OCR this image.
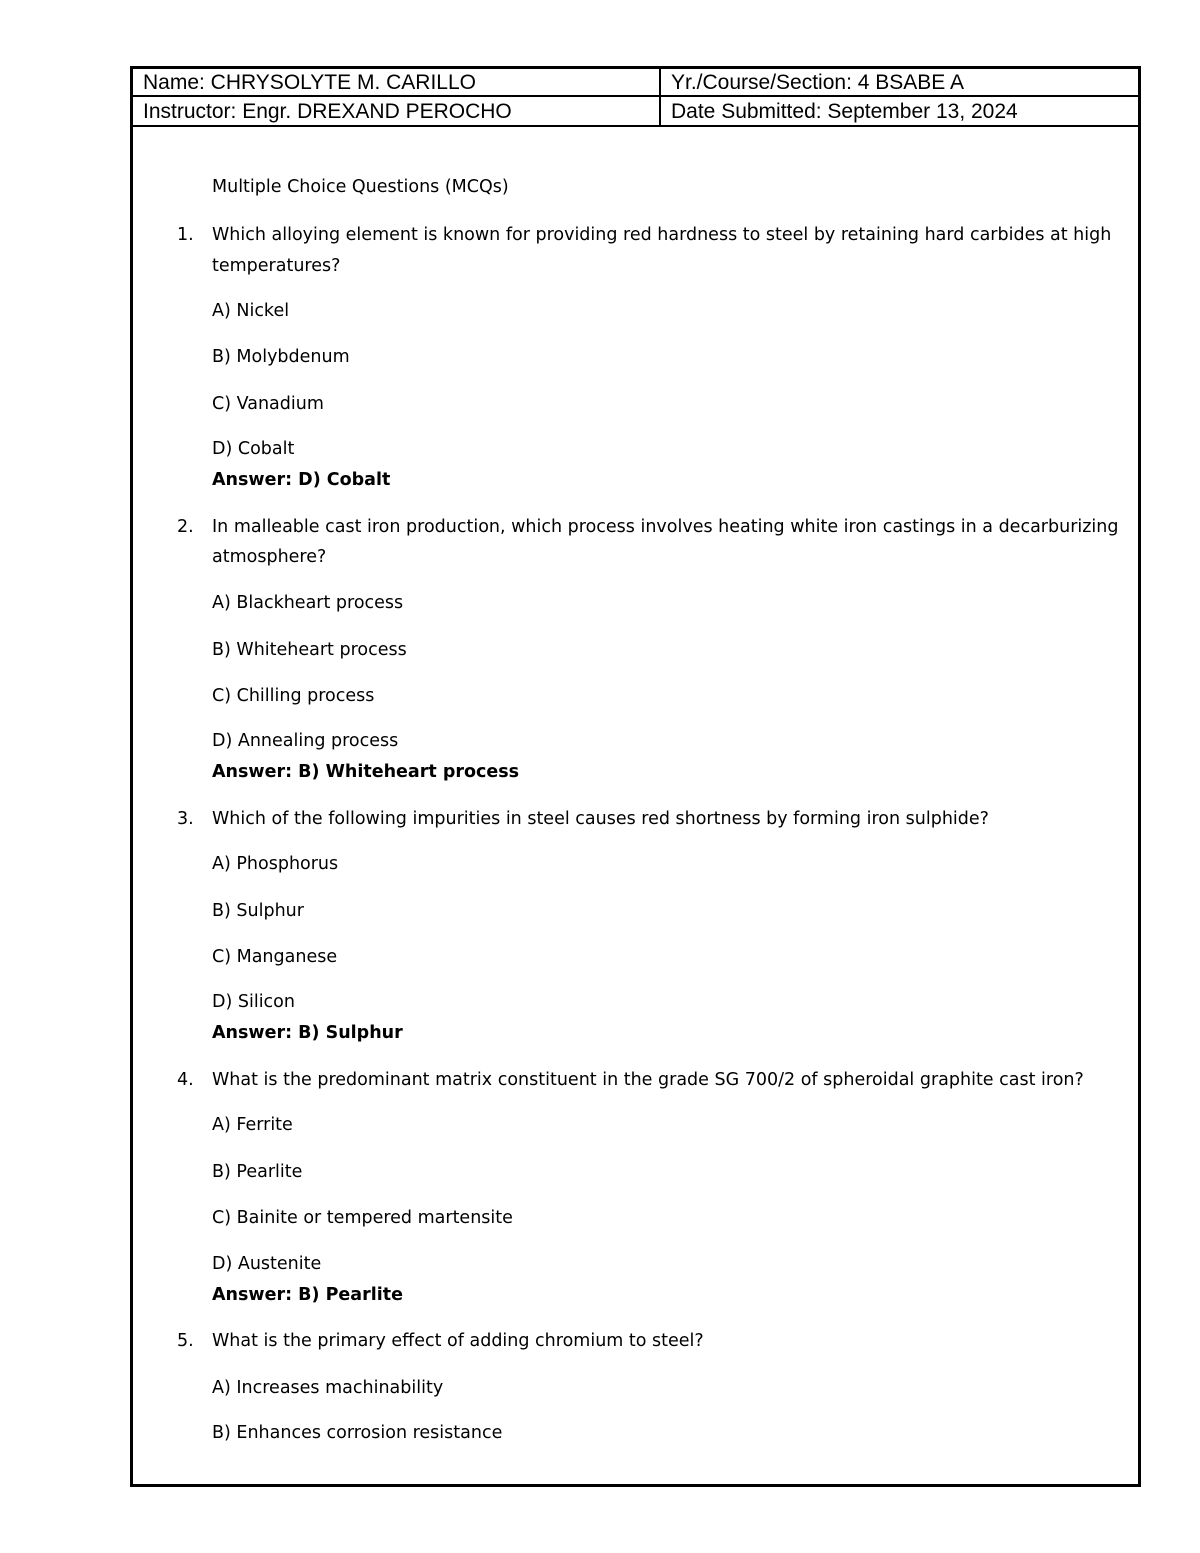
Name: CHRYSOLYTE M. CARILLO	Yr./Course/Section: 4 BSABE A
Instructor: Engr. DREXAND PEROCHO	Date Submitted: September 13, 2024
Multiple Choice Questions (MCQs)
1. Which alloying element is known for providing red hardness to steel by retaining hard carbides at high
temperatures?
A) Nickel
B) Molybdenum
C) Vanadium
D) Cobalt
Answer: D) Cobalt
2. In malleable cast iron production, which process involves heating white iron castings in a decarburizing
atmosphere?
A) Blackheart process
B) Whiteheart process
C) Chilling process
D) Annealing process
Answer: B) Whiteheart process
3. Which of the following impurities in steel causes red shortness by forming iron sulphide?
A) Phosphorus
B) Sulphur
C) Manganese
D) Silicon
Answer: B) Sulphur
4. What is the predominant matrix constituent in the grade SG 700/2 of spheroidal graphite cast iron?
A) Ferrite
B) Pearlite
C) Bainite or tempered martensite
D) Austenite
Answer: B) Pearlite
5. What is the primary effect of adding chromium to steel?
A) Increases machinability
B) Enhances corrosion resistance
